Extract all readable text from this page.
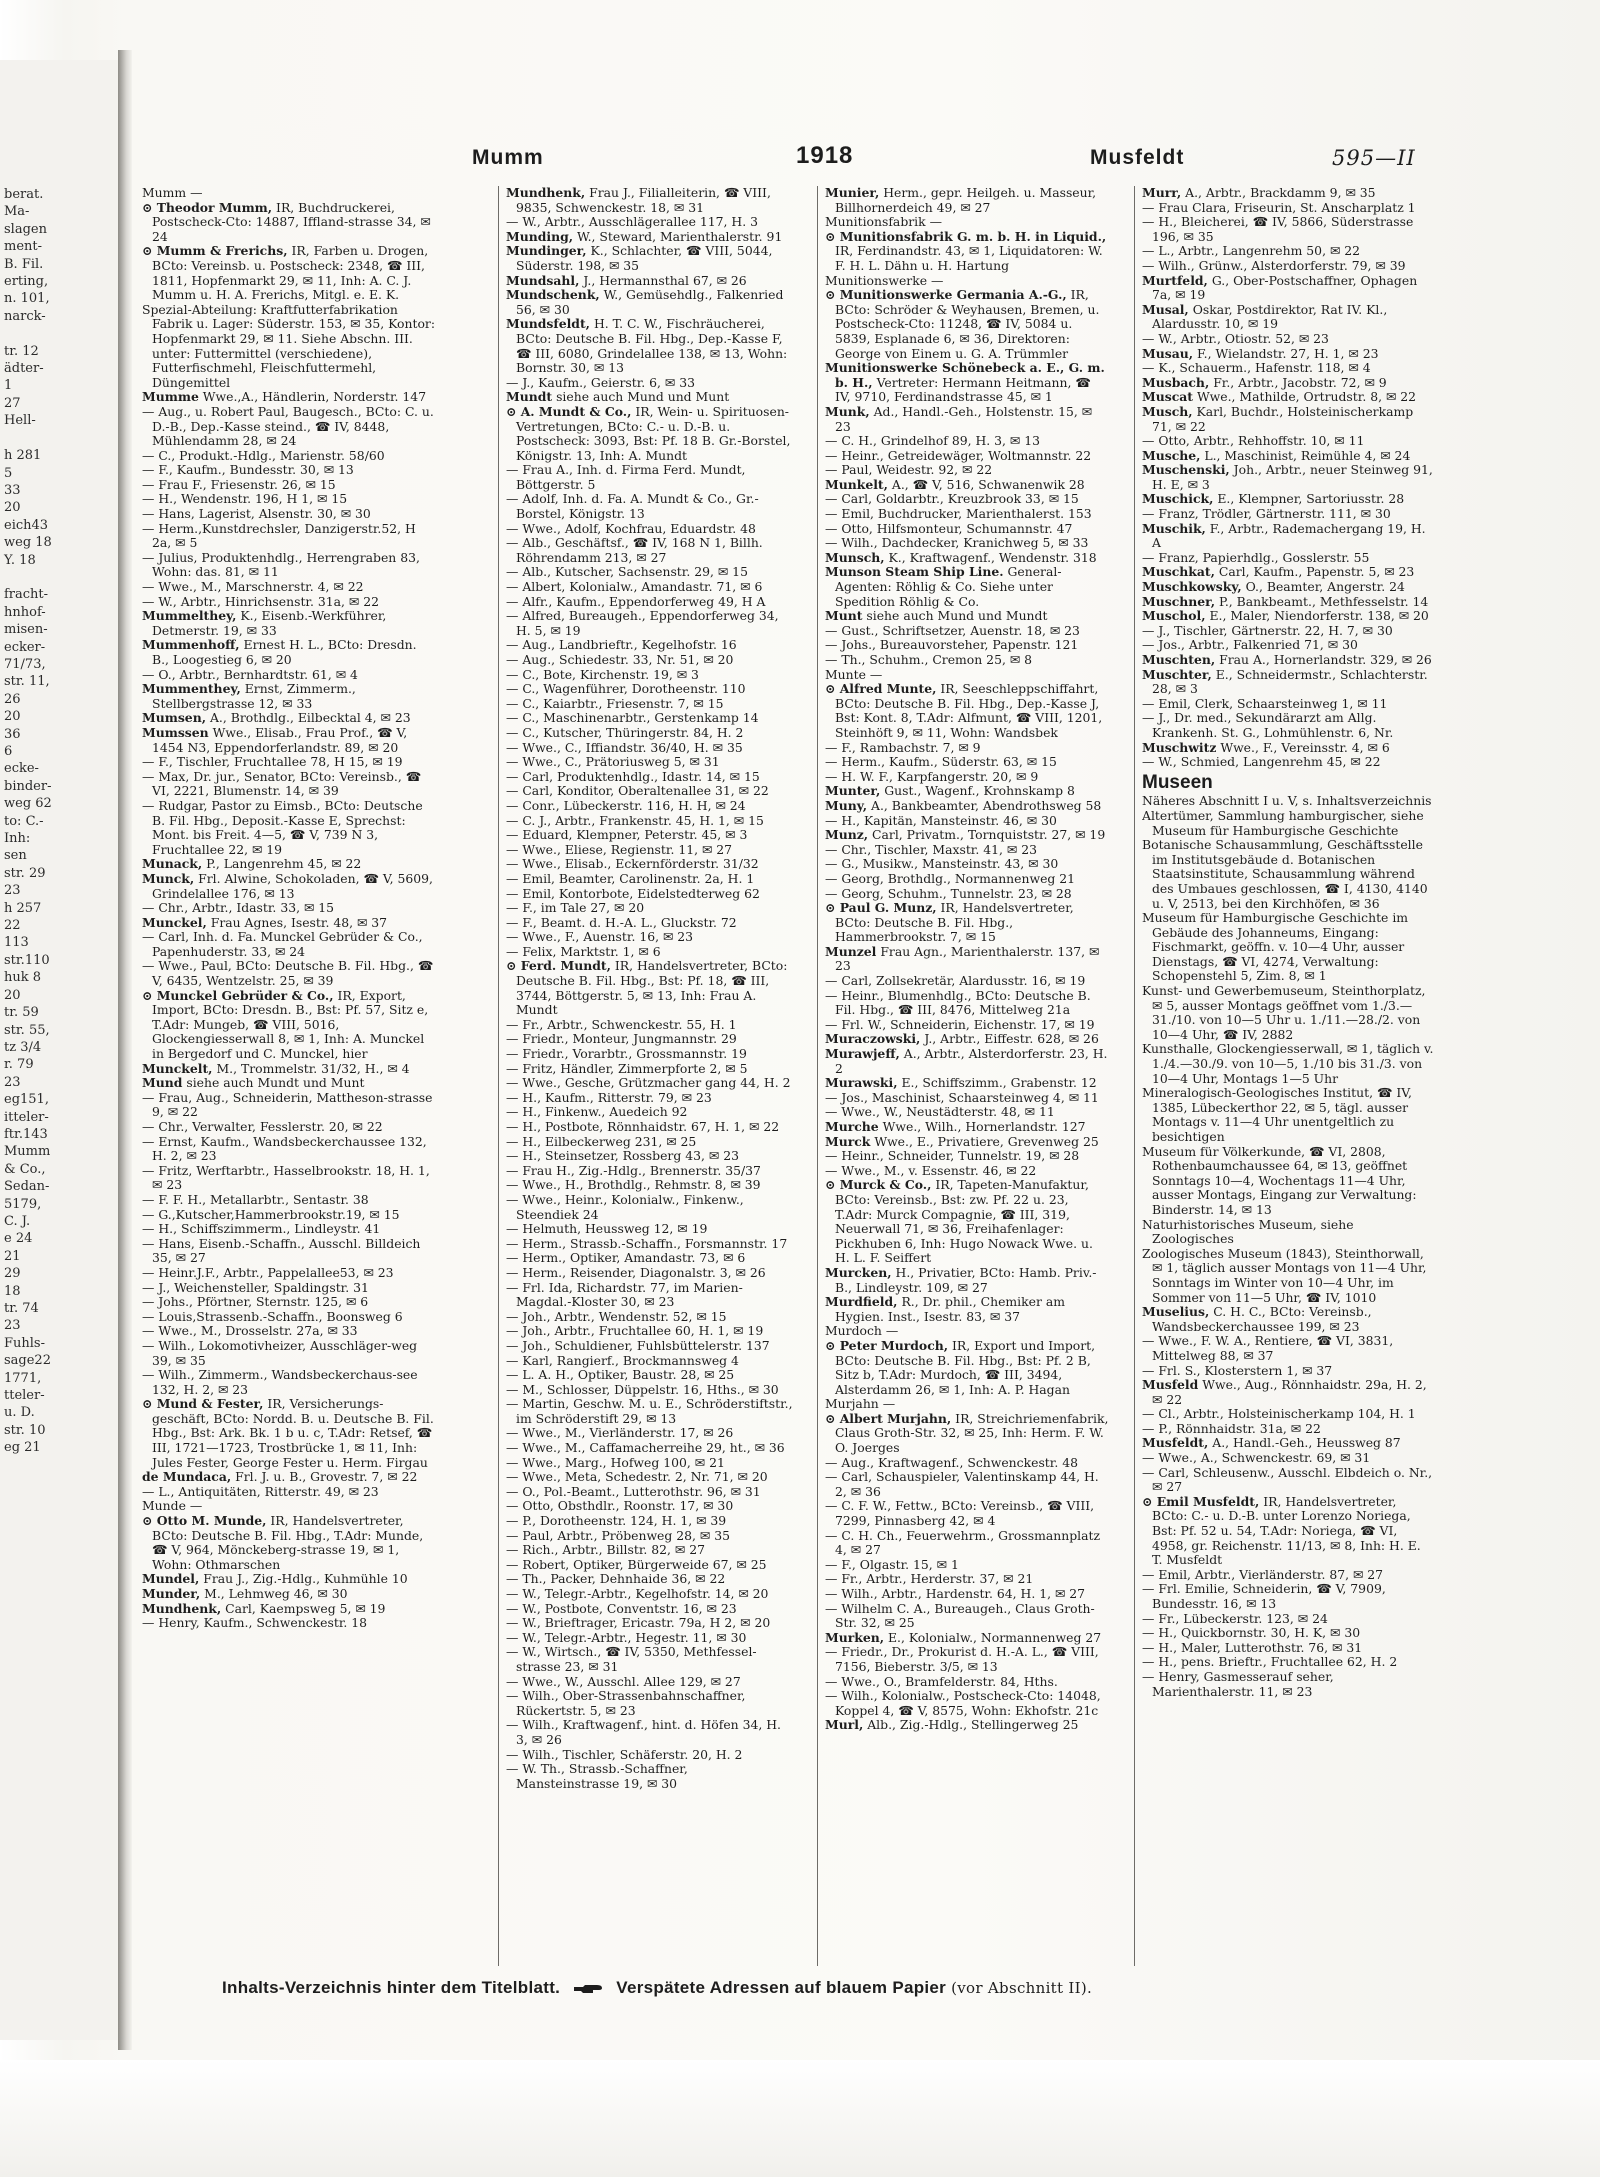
berat.
Ma-
slagen
ment-
B. Fil.
erting,
n. 101,
narck-

tr. 12
ädter-
1
27
Hell-

h 281
5
33
20
eich43
weg 18
Y. 18

fracht-
hnhof-
misen-
ecker-
71/73,
str. 11,
26
20
36
6
ecke-
binder-
weg 62
to: C.-
Inh:
sen
str. 29
23
h 257
22
113
str.110
huk 8
20
tr. 59
str. 55,
tz 3/4
r. 79
23
eg151,
itteler-
ftr.143
Mumm
& Co.,
Sedan-
5179,
C. J.
e 24
21
29
18
tr. 74
23
Fuhls-
sage22
1771,
tteler-
u. D.
str. 10
eg 21
Mumm	1918	Musfeldt	595—II

Mumm —

⊙ Theodor Mumm, IR, Buchdruckerei, Postscheck-Cto: 14887, Iffland-strasse 34, ✉ 24

⊙ Mumm & Frerichs, IR, Farben u. Drogen, BCto: Vereinsb. u. Postscheck: 2348, ☎ III, 1811, Hopfenmarkt 29, ✉ 11, Inh: A. C. J. Mumm u. H. A. Frerichs, Mitgl. e. E. K.

Spezial-Abteilung: Kraftfutterfabrikation Fabrik u. Lager: Süderstr. 153, ✉ 35, Kontor: Hopfenmarkt 29, ✉ 11. Siehe Abschn. III. unter: Futtermittel (verschiedene), Futterfischmehl, Fleischfuttermehl, Düngemittel

Mumme Wwe.,A., Händlerin, Norderstr. 147

— Aug., u. Robert Paul, Baugesch., BCto: C. u. D.-B., Dep.-Kasse steind., ☎ IV, 8448, Mühlendamm 28, ✉ 24

— C., Produkt.-Hdlg., Marienstr. 58/60

— F., Kaufm., Bundesstr. 30, ✉ 13

— Frau F., Friesenstr. 26, ✉ 15

— H., Wendenstr. 196, H 1, ✉ 15

— Hans, Lagerist, Alsenstr. 30, ✉ 30

— Herm.,Kunstdrechsler, Danzigerstr.52, H 2a, ✉ 5

— Julius, Produktenhdlg., Herrengraben 83, Wohn: das. 81, ✉ 11

— Wwe., M., Marschnerstr. 4, ✉ 22

— W., Arbtr., Hinrichsenstr. 31a, ✉ 22

Mummelthey, K., Eisenb.-Werkführer, Detmerstr. 19, ✉ 33

Mummenhoff, Ernest H. L., BCto: Dresdn. B., Loogestieg 6, ✉ 20

— O., Arbtr., Bernhardtstr. 61, ✉ 4

Mummenthey, Ernst, Zimmerm., Stellbergstrasse 12, ✉ 33

Mumsen, A., Brothdlg., Eilbecktal 4, ✉ 23

Mumssen Wwe., Elisab., Frau Prof., ☎ V, 1454 N3, Eppendorferlandstr. 89, ✉ 20

— F., Tischler, Fruchtallee 78, H 15, ✉ 19

— Max, Dr. jur., Senator, BCto: Vereinsb., ☎ VI, 2221, Blumenstr. 14, ✉ 39

— Rudgar, Pastor zu Eimsb., BCto: Deutsche B. Fil. Hbg., Deposit.-Kasse E, Sprechst: Mont. bis Freit. 4—5, ☎ V, 739 N 3, Fruchtallee 22, ✉ 19

Munack, P., Langenrehm 45, ✉ 22

Munck, Frl. Alwine, Schokoladen, ☎ V, 5609, Grindelallee 176, ✉ 13

— Chr., Arbtr., Idastr. 33, ✉ 15

Munckel, Frau Agnes, Isestr. 48, ✉ 37

— Carl, Inh. d. Fa. Munckel Gebrüder & Co., Papenhuderstr. 33, ✉ 24

— Wwe., Paul, BCto: Deutsche B. Fil. Hbg., ☎ V, 6435, Wentzelstr. 25, ✉ 39

⊙ Munckel Gebrüder & Co., IR, Export, Import, BCto: Dresdn. B., Bst: Pf. 57, Sitz e, T.Adr: Mungeb, ☎ VIII, 5016, Glockengiesserwall 8, ✉ 1, Inh: A. Munckel in Bergedorf und C. Munckel, hier

Munckelt, M., Trommelstr. 31/32, H., ✉ 4

Mund siehe auch Mundt und Munt

— Frau, Aug., Schneiderin, Mattheson-strasse 9, ✉ 22

— Chr., Verwalter, Fesslerstr. 20, ✉ 22

— Ernst, Kaufm., Wandsbeckerchaussee 132, H. 2, ✉ 23

— Fritz, Werftarbtr., Hasselbrookstr. 18, H. 1, ✉ 23

— F. F. H., Metallarbtr., Sentastr. 38

— G.,Kutscher,Hammerbrookstr.19, ✉ 15

— H., Schiffszimmerm., Lindleystr. 41

— Hans, Eisenb.-Schaffn., Ausschl. Billdeich 35, ✉ 27

— Heinr.J.F., Arbtr., Pappelallee53, ✉ 23

— J., Weichensteller, Spaldingstr. 31

— Johs., Pförtner, Sternstr. 125, ✉ 6

— Louis,Strassenb.-Schaffn., Boonsweg 6

— Wwe., M., Drosselstr. 27a, ✉ 33

— Wilh., Lokomotivheizer, Ausschläger-weg 39, ✉ 35

— Wilh., Zimmerm., Wandsbeckerchaus-see 132, H. 2, ✉ 23

⊙ Mund & Fester, IR, Versicherungs-geschäft, BCto: Nordd. B. u. Deutsche B. Fil. Hbg., Bst: Ark. Bk. 1 b u. c, T.Adr: Retsef, ☎ III, 1721—1723, Trostbrücke 1, ✉ 11, Inh: Jules Fester, George Fester u. Herm. Firgau

de Mundaca, Frl. J. u. B., Grovestr. 7, ✉ 22

— L., Antiquitäten, Ritterstr. 49, ✉ 23

Munde —

⊙ Otto M. Munde, IR, Handelsvertreter, BCto: Deutsche B. Fil. Hbg., T.Adr: Munde, ☎ V, 964, Mönckeberg-strasse 19, ✉ 1, Wohn: Othmarschen

Mundel, Frau J., Zig.-Hdlg., Kuhmühle 10

Munder, M., Lehmweg 46, ✉ 30

Mundhenk, Carl, Kaempsweg 5, ✉ 19

— Henry, Kaufm., Schwenckestr. 18

Mundhenk, Frau J., Filialleiterin, ☎ VIII, 9835, Schwenckestr. 18, ✉ 31

— W., Arbtr., Ausschlägerallee 117, H. 3

Munding, W., Steward, Marienthalerstr. 91

Mundinger, K., Schlachter, ☎ VIII, 5044, Süderstr. 198, ✉ 35

Mundsahl, J., Hermannsthal 67, ✉ 26

Mundschenk, W., Gemüsehdlg., Falkenried 56, ✉ 30

Mundsfeldt, H. T. C. W., Fischräucherei, BCto: Deutsche B. Fil. Hbg., Dep.-Kasse F, ☎ III, 6080, Grindelallee 138, ✉ 13, Wohn: Bornstr. 30, ✉ 13

— J., Kaufm., Geierstr. 6, ✉ 33

Mundt siehe auch Mund und Munt

⊙ A. Mundt & Co., IR, Wein- u. Spirituosen-Vertretungen, BCto: C.- u. D.-B. u. Postscheck: 3093, Bst: Pf. 18 B. Gr.-Borstel, Königstr. 13, Inh: A. Mundt

— Frau A., Inh. d. Firma Ferd. Mundt, Böttgerstr. 5

— Adolf, Inh. d. Fa. A. Mundt & Co., Gr.-Borstel, Königstr. 13

— Wwe., Adolf, Kochfrau, Eduardstr. 48

— Alb., Geschäftsf., ☎ IV, 168 N 1, Billh. Röhrendamm 213, ✉ 27

— Alb., Kutscher, Sachsenstr. 29, ✉ 15

— Albert, Kolonialw., Amandastr. 71, ✉ 6

— Alfr., Kaufm., Eppendorferweg 49, H A

— Alfred, Bureaugeh., Eppendorferweg 34, H. 5, ✉ 19

— Aug., Landbrieftr., Kegelhofstr. 16

— Aug., Schiedestr. 33, Nr. 51, ✉ 20

— C., Bote, Kirchenstr. 19, ✉ 3

— C., Wagenführer, Dorotheenstr. 110

— C., Kaiarbtr., Friesenstr. 7, ✉ 15

— C., Maschinenarbtr., Gerstenkamp 14

— C., Kutscher, Thüringerstr. 84, H. 2

— Wwe., C., Iffiandstr. 36/40, H. ✉ 35

— Wwe., C., Prätoriusweg 5, ✉ 31

— Carl, Produktenhdlg., Idastr. 14, ✉ 15

— Carl, Konditor, Oberaltenallee 31, ✉ 22

— Conr., Lübeckerstr. 116, H. H, ✉ 24

— C. J., Arbtr., Frankenstr. 45, H. 1, ✉ 15

— Eduard, Klempner, Peterstr. 45, ✉ 3

— Wwe., Eliese, Regienstr. 11, ✉ 27

— Wwe., Elisab., Eckernförderstr. 31/32

— Emil, Beamter, Carolinenstr. 2a, H. 1

— Emil, Kontorbote, Eidelstedterweg 62

— F., im Tale 27, ✉ 20

— F., Beamt. d. H.-A. L., Gluckstr. 72

— Wwe., F., Auenstr. 16, ✉ 23

— Felix, Marktstr. 1, ✉ 6

⊙ Ferd. Mundt, IR, Handelsvertreter, BCto: Deutsche B. Fil. Hbg., Bst: Pf. 18, ☎ III, 3744, Böttgerstr. 5, ✉ 13, Inh: Frau A. Mundt

— Fr., Arbtr., Schwenckestr. 55, H. 1

— Friedr., Monteur, Jungmannstr. 29

— Friedr., Vorarbtr., Grossmannstr. 19

— Fritz, Händler, Zimmerpforte 2, ✉ 5

— Wwe., Gesche, Grützmacher gang 44, H. 2

— H., Kaufm., Ritterstr. 79, ✉ 23

— H., Finkenw., Auedeich 92

— H., Postbote, Rönnhaidstr. 67, H. 1, ✉ 22

— H., Eilbeckerweg 231, ✉ 25

— H., Steinsetzer, Rossberg 43, ✉ 23

— Frau H., Zig.-Hdlg., Brennerstr. 35/37

— Wwe., H., Brothdlg., Rehmstr. 8, ✉ 39

— Wwe., Heinr., Kolonialw., Finkenw., Steendiek 24

— Helmuth, Heussweg 12, ✉ 19

— Herm., Strassb.-Schaffn., Forsmannstr. 17

— Herm., Optiker, Amandastr. 73, ✉ 6

— Herm., Reisender, Diagonalstr. 3, ✉ 26

— Frl. Ida, Richardstr. 77, im Marien-Magdal.-Kloster 30, ✉ 23

— Joh., Arbtr., Wendenstr. 52, ✉ 15

— Joh., Arbtr., Fruchtallee 60, H. 1, ✉ 19

— Joh., Schuldiener, Fuhlsbüttelerstr. 137

— Karl, Rangierf., Brockmannsweg 4

— L. A. H., Optiker, Baustr. 28, ✉ 25

— M., Schlosser, Düppelstr. 16, Hths., ✉ 30

— Martin, Geschw. M. u. E., Schröderstiftstr., im Schröderstift 29, ✉ 13

— Wwe., M., Vierländerstr. 17, ✉ 26

— Wwe., M., Caffamacherreihe 29, ht., ✉ 36

— Wwe., Marg., Hofweg 100, ✉ 21

— Wwe., Meta, Schedestr. 2, Nr. 71, ✉ 20

— O., Pol.-Beamt., Lutterothstr. 96, ✉ 31

— Otto, Obsthdlr., Roonstr. 17, ✉ 30

— P., Dorotheenstr. 124, H. 1, ✉ 39

— Paul, Arbtr., Pröbenweg 28, ✉ 35

— Rich., Arbtr., Billstr. 82, ✉ 27

— Robert, Optiker, Bürgerweide 67, ✉ 25

— Th., Packer, Dehnhaide 36, ✉ 22

— W., Telegr.-Arbtr., Kegelhofstr. 14, ✉ 20

— W., Postbote, Conventstr. 16, ✉ 23

— W., Brieftrager, Ericastr. 79a, H 2, ✉ 20

— W., Telegr.-Arbtr., Hegestr. 11, ✉ 30

— W., Wirtsch., ☎ IV, 5350, Methfessel-strasse 23, ✉ 31

— Wwe., W., Ausschl. Allee 129, ✉ 27

— Wilh., Ober-Strassenbahnschaffner, Rückertstr. 5, ✉ 23

— Wilh., Kraftwagenf., hint. d. Höfen 34, H. 3, ✉ 26

— Wilh., Tischler, Schäferstr. 20, H. 2

— W. Th., Strassb.-Schaffner, Mansteinstrasse 19, ✉ 30

Munier, Herm., gepr. Heilgeh. u. Masseur, Billhornerdeich 49, ✉ 27

Munitionsfabrik —

⊙ Munitionsfabrik G. m. b. H. in Liquid., IR, Ferdinandstr. 43, ✉ 1, Liquidatoren: W. F. H. L. Dähn u. H. Hartung

Munitionswerke —

⊙ Munitionswerke Germania A.-G., IR, BCto: Schröder & Weyhausen, Bremen, u. Postscheck-Cto: 11248, ☎ IV, 5084 u. 5839, Esplanade 6, ✉ 36, Direktoren: George von Einem u. G. A. Trümmler

Munitionswerke Schönebeck a. E., G. m. b. H., Vertreter: Hermann Heitmann, ☎ IV, 9710, Ferdinandstrasse 45, ✉ 1

Munk, Ad., Handl.-Geh., Holstenstr. 15, ✉ 23

— C. H., Grindelhof 89, H. 3, ✉ 13

— Heinr., Getreidewäger, Woltmannstr. 22

— Paul, Weidestr. 92, ✉ 22

Munkelt, A., ☎ V, 516, Schwanenwik 28

— Carl, Goldarbtr., Kreuzbrook 33, ✉ 15

— Emil, Buchdrucker, Marienthalerst. 153

— Otto, Hilfsmonteur, Schumannstr. 47

— Wilh., Dachdecker, Kranichweg 5, ✉ 33

Munsch, K., Kraftwagenf., Wendenstr. 318

Munson Steam Ship Line. General-Agenten: Röhlig & Co. Siehe unter Spedition Röhlig & Co.

Munt siehe auch Mund und Mundt

— Gust., Schriftsetzer, Auenstr. 18, ✉ 23

— Johs., Bureauvorsteher, Papenstr. 121

— Th., Schuhm., Cremon 25, ✉ 8

Munte —

⊙ Alfred Munte, IR, Seeschleppschiffahrt, BCto: Deutsche B. Fil. Hbg., Dep.-Kasse J, Bst: Kont. 8, T.Adr: Alfmunt, ☎ VIII, 1201, Steinhöft 9, ✉ 11, Wohn: Wandsbek

— F., Rambachstr. 7, ✉ 9

— Herm., Kaufm., Süderstr. 63, ✉ 15

— H. W. F., Karpfangerstr. 20, ✉ 9

Munter, Gust., Wagenf., Krohnskamp 8

Muny, A., Bankbeamter, Abendrothsweg 58

— H., Kapitän, Mansteinstr. 46, ✉ 30

Munz, Carl, Privatm., Tornquiststr. 27, ✉ 19

— Chr., Tischler, Maxstr. 41, ✉ 23

— G., Musikw., Mansteinstr. 43, ✉ 30

— Georg, Brothdlg., Normannenweg 21

— Georg, Schuhm., Tunnelstr. 23, ✉ 28

⊙ Paul G. Munz, IR, Handelsvertreter, BCto: Deutsche B. Fil. Hbg., Hammerbrookstr. 7, ✉ 15

Munzel Frau Agn., Marienthalerstr. 137, ✉ 23

— Carl, Zollsekretär, Alardusstr. 16, ✉ 19

— Heinr., Blumenhdlg., BCto: Deutsche B. Fil. Hbg., ☎ III, 8476, Mittelweg 21a

— Frl. W., Schneiderin, Eichenstr. 17, ✉ 19

Muraczowski, J., Arbtr., Eiffestr. 628, ✉ 26

Murawjeff, A., Arbtr., Alsterdorferstr. 23, H. 2

Murawski, E., Schiffszimm., Grabenstr. 12

— Jos., Maschinist, Schaarsteinweg 4, ✉ 11

— Wwe., W., Neustädterstr. 48, ✉ 11

Murche Wwe., Wilh., Hornerlandstr. 127

Murck Wwe., E., Privatiere, Grevenweg 25

— Heinr., Schneider, Tunnelstr. 19, ✉ 28

— Wwe., M., v. Essenstr. 46, ✉ 22

⊙ Murck & Co., IR, Tapeten-Manufaktur, BCto: Vereinsb., Bst: zw. Pf. 22 u. 23, T.Adr: Murck Compagnie, ☎ III, 319, Neuerwall 71, ✉ 36, Freihafenlager: Pickhuben 6, Inh: Hugo Nowack Wwe. u. H. L. F. Seiffert

Murcken, H., Privatier, BCto: Hamb. Priv.-B., Lindleystr. 109, ✉ 27

Murdfield, R., Dr. phil., Chemiker am Hygien. Inst., Isestr. 83, ✉ 37

Murdoch —

⊙ Peter Murdoch, IR, Export und Import, BCto: Deutsche B. Fil. Hbg., Bst: Pf. 2 B, Sitz b, T.Adr: Murdoch, ☎ III, 3494, Alsterdamm 26, ✉ 1, Inh: A. P. Hagan

Murjahn —

⊙ Albert Murjahn, IR, Streichriemenfabrik, Claus Groth-Str. 32, ✉ 25, Inh: Herm. F. W. O. Joerges

— Aug., Kraftwagenf., Schwenckestr. 48

— Carl, Schauspieler, Valentinskamp 44, H. 2, ✉ 36

— C. F. W., Fettw., BCto: Vereinsb., ☎ VIII, 7299, Pinnasberg 42, ✉ 4

— C. H. Ch., Feuerwehrm., Grossmannplatz 4, ✉ 27

— F., Olgastr. 15, ✉ 1

— Fr., Arbtr., Herderstr. 37, ✉ 21

— Wilh., Arbtr., Hardenstr. 64, H. 1, ✉ 27

— Wilhelm C. A., Bureaugeh., Claus Groth-Str. 32, ✉ 25

Murken, E., Kolonialw., Normannenweg 27

— Friedr., Dr., Prokurist d. H.-A. L., ☎ VIII, 7156, Bieberstr. 3/5, ✉ 13

— Wwe., O., Bramfelderstr. 84, Hths.

— Wilh., Kolonialw., Postscheck-Cto: 14048, Koppel 4, ☎ V, 8575, Wohn: Ekhofstr. 21c

Murl, Alb., Zig.-Hdlg., Stellingerweg 25

Murr, A., Arbtr., Brackdamm 9, ✉ 35

— Frau Clara, Friseurin, St. Anscharplatz 1

— H., Bleicherei, ☎ IV, 5866, Süderstrasse 196, ✉ 35

— L., Arbtr., Langenrehm 50, ✉ 22

— Wilh., Grünw., Alsterdorferstr. 79, ✉ 39

Murtfeld, G., Ober-Postschaffner, Ophagen 7a, ✉ 19

Musal, Oskar, Postdirektor, Rat IV. Kl., Alardusstr. 10, ✉ 19

— W., Arbtr., Otiostr. 52, ✉ 23

Musau, F., Wielandstr. 27, H. 1, ✉ 23

— K., Schauerm., Hafenstr. 118, ✉ 4

Musbach, Fr., Arbtr., Jacobstr. 72, ✉ 9

Muscat Wwe., Mathilde, Ortrudstr. 8, ✉ 22

Musch, Karl, Buchdr., Holsteinischerkamp 71, ✉ 22

— Otto, Arbtr., Rehhoffstr. 10, ✉ 11

Musche, L., Maschinist, Reimühle 4, ✉ 24

Muschenski, Joh., Arbtr., neuer Steinweg 91, H. E, ✉ 3

Muschick, E., Klempner, Sartoriusstr. 28

— Franz, Trödler, Gärtnerstr. 111, ✉ 30

Muschik, F., Arbtr., Rademachergang 19, H. A

— Franz, Papierhdlg., Gosslerstr. 55

Muschkat, Carl, Kaufm., Papenstr. 5, ✉ 23

Muschkowsky, O., Beamter, Angerstr. 24

Muschner, P., Bankbeamt., Methfesselstr. 14

Muschol, E., Maler, Niendorferstr. 138, ✉ 20

— J., Tischler, Gärtnerstr. 22, H. 7, ✉ 30

— Jos., Arbtr., Falkenried 71, ✉ 30

Muschten, Frau A., Hornerlandstr. 329, ✉ 26

Muschter, E., Schneidermstr., Schlachterstr. 28, ✉ 3

— Emil, Clerk, Schaarsteinweg 1, ✉ 11

— J., Dr. med., Sekundärarzt am Allg. Krankenh. St. G., Lohmühlenstr. 6, Nr.

Muschwitz Wwe., F., Vereinsstr. 4, ✉ 6

— W., Schmied, Langenrehm 45, ✉ 22

Museen

Näheres Abschnitt I u. V, s. Inhaltsverzeichnis

Altertümer, Sammlung hamburgischer, siehe Museum für Hamburgische Geschichte

Botanische Schausammlung, Geschäftsstelle im Institutsgebäude d. Botanischen Staatsinstitute, Schausammlung während des Umbaues geschlossen, ☎ I, 4130, 4140 u. V, 2513, bei den Kirchhöfen, ✉ 36

Museum für Hamburgische Geschichte im Gebäude des Johanneums, Eingang: Fischmarkt, geöffn. v. 10—4 Uhr, ausser Dienstags, ☎ VI, 4274, Verwaltung: Schopenstehl 5, Zim. 8, ✉ 1

Kunst- und Gewerbemuseum, Steinthorplatz, ✉ 5, ausser Montags geöffnet vom 1./3.—31./10. von 10—5 Uhr u. 1./11.—28./2. von 10—4 Uhr, ☎ IV, 2882

Kunsthalle, Glockengiesserwall, ✉ 1, täglich v. 1./4.—30./9. von 10—5, 1./10 bis 31./3. von 10—4 Uhr, Montags 1—5 Uhr

Mineralogisch-Geologisches Institut, ☎ IV, 1385, Lübeckerthor 22, ✉ 5, tägl. ausser Montags v. 11—4 Uhr unentgeltlich zu besichtigen

Museum für Völkerkunde, ☎ VI, 2808, Rothenbaumchaussee 64, ✉ 13, geöffnet Sonntags 10—4, Wochentags 11—4 Uhr, ausser Montags, Eingang zur Verwaltung: Binderstr. 14, ✉ 13

Naturhistorisches Museum, siehe Zoologisches

Zoologisches Museum (1843), Steinthorwall, ✉ 1, täglich ausser Montags von 11—4 Uhr, Sonntags im Winter von 10—4 Uhr, im Sommer von 11—5 Uhr, ☎ IV, 1010

Muselius, C. H. C., BCto: Vereinsb., Wandsbeckerchaussee 199, ✉ 23

— Wwe., F. W. A., Rentiere, ☎ VI, 3831, Mittelweg 88, ✉ 37

— Frl. S., Klosterstern 1, ✉ 37

Musfeld Wwe., Aug., Rönnhaidstr. 29a, H. 2, ✉ 22

— Cl., Arbtr., Holsteinischerkamp 104, H. 1

— P., Rönnhaidstr. 31a, ✉ 22

Musfeldt, A., Handl.-Geh., Heussweg 87

— Wwe., A., Schwenckestr. 69, ✉ 31

— Carl, Schleusenw., Ausschl. Elbdeich o. Nr., ✉ 27

⊙ Emil Musfeldt, IR, Handelsvertreter, BCto: C.- u. D.-B. unter Lorenzo Noriega, Bst: Pf. 52 u. 54, T.Adr: Noriega, ☎ VI, 4958, gr. Reichenstr. 11/13, ✉ 8, Inh: H. E. T. Musfeldt

— Emil, Arbtr., Vierländerstr. 87, ✉ 27

— Frl. Emilie, Schneiderin, ☎ V, 7909, Bundesstr. 16, ✉ 13

— Fr., Lübeckerstr. 123, ✉ 24

— H., Quickbornstr. 30, H. K, ✉ 30

— H., Maler, Lutterothstr. 76, ✉ 31

— H., pens. Brieftr., Fruchtallee 62, H. 2

— Henry, Gasmesserauf seher, Marienthalerstr. 11, ✉ 23

Inhalts-Verzeichnis hinter dem Titelblatt.	Verspätete Adressen auf blauem Papier (vor Abschnitt II).
